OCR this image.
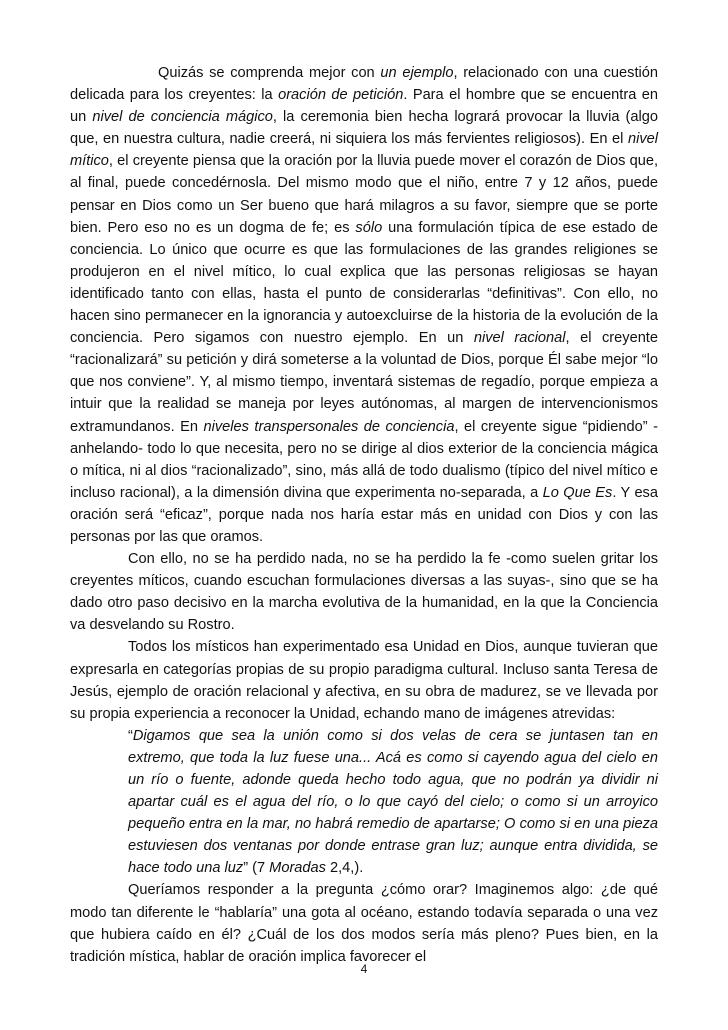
Quizás se comprenda mejor con un ejemplo, relacionado con una cuestión delicada para los creyentes: la oración de petición. Para el hombre que se encuentra en un nivel de conciencia mágico, la ceremonia bien hecha logrará provocar la lluvia (algo que, en nuestra cultura, nadie creerá, ni siquiera los más fervientes religiosos). En el nivel mítico, el creyente piensa que la oración por la lluvia puede mover el corazón de Dios que, al final, puede concedérnosla. Del mismo modo que el niño, entre 7 y 12 años, puede pensar en Dios como un Ser bueno que hará milagros a su favor, siempre que se porte bien. Pero eso no es un dogma de fe; es sólo una formulación típica de ese estado de conciencia. Lo único que ocurre es que las formulaciones de las grandes religiones se produjeron en el nivel mítico, lo cual explica que las personas religiosas se hayan identificado tanto con ellas, hasta el punto de considerarlas “definitivas”. Con ello, no hacen sino permanecer en la ignorancia y autoexcluirse de la historia de la evolución de la conciencia. Pero sigamos con nuestro ejemplo. En un nivel racional, el creyente “racionalizará” su petición y dirá someterse a la voluntad de Dios, porque Él sabe mejor “lo que nos conviene”. Y, al mismo tiempo, inventará sistemas de regadío, porque empieza a intuir que la realidad se maneja por leyes autónomas, al margen de intervencionismos extramundanos. En niveles transpersonales de conciencia, el creyente sigue “pidiendo” -anhelando- todo lo que necesita, pero no se dirige al dios exterior de la conciencia mágica o mítica, ni al dios “racionalizado”, sino, más allá de todo dualismo (típico del nivel mítico e incluso racional), a la dimensión divina que experimenta no-separada, a Lo Que Es. Y esa oración será “eficaz”, porque nada nos haría estar más en unidad con Dios y con las personas por las que oramos.

Con ello, no se ha perdido nada, no se ha perdido la fe -como suelen gritar los creyentes míticos, cuando escuchan formulaciones diversas a las suyas-, sino que se ha dado otro paso decisivo en la marcha evolutiva de la humanidad, en la que la Conciencia va desvelando su Rostro.

Todos los místicos han experimentado esa Unidad en Dios, aunque tuvieran que expresarla en categorías propias de su propio paradigma cultural. Incluso santa Teresa de Jesús, ejemplo de oración relacional y afectiva, en su obra de madurez, se ve llevada por su propia experiencia a reconocer la Unidad, echando mano de imágenes atrevidas:

“Digamos que sea la unión como si dos velas de cera se juntasen tan en extremo, que toda la luz fuese una... Acá es como si cayendo agua del cielo en un río o fuente, adonde queda hecho todo agua, que no podrán ya dividir ni apartar cuál es el agua del río, o lo que cayó del cielo; o como si un arroyico pequeño entra en la mar, no habrá remedio de apartarse; O como si en una pieza estuviesen dos ventanas por donde entrase gran luz; aunque entra dividida, se hace todo una luz” (7 Moradas 2,4,).

Queríamos responder a la pregunta ¿cómo orar? Imaginemos algo: ¿de qué modo tan diferente le “hablaría” una gota al océano, estando todavía separada o una vez que hubiera caído en él? ¿Cuál de los dos modos sería más pleno? Pues bien, en la tradición mística, hablar de oración implica favorecer el

4
